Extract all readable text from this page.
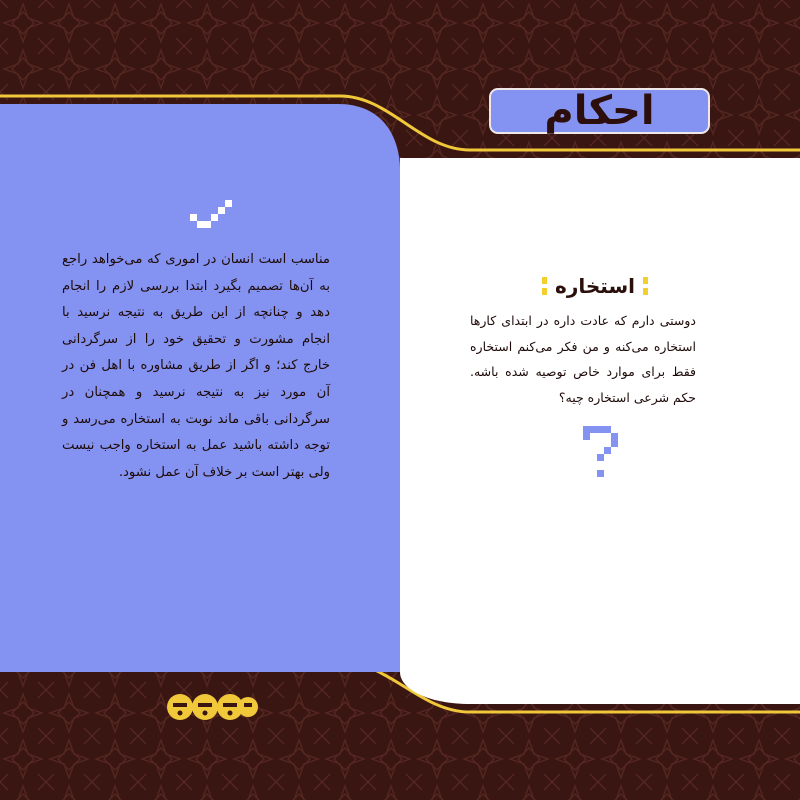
احکام
مناسب است انسان در اموری که می‌خواهد راجع به آن‌ها تصمیم بگیرد ابتدا بررسی لازم را انجام دهد و چنانچه از این طریق به نتیجه نرسید با انجام مشورت و تحقیق خود را از سرگردانی خارج کند؛ و اگر از طریق مشاوره با اهل فن در آن مورد نیز به نتیجه نرسید و همچنان در سرگردانی باقی ماند نوبت به استخاره می‌رسد و توجه داشته باشید عمل به استخاره واجب نیست ولی بهتر است بر خلاف آن عمل نشود.
استخاره
دوستی دارم که عادت داره در ابتدای کارها استخاره می‌کنه و من فکر می‌کنم استخاره فقط برای موارد خاص توصیه شده باشه. حکم شرعی استخاره چیه؟
